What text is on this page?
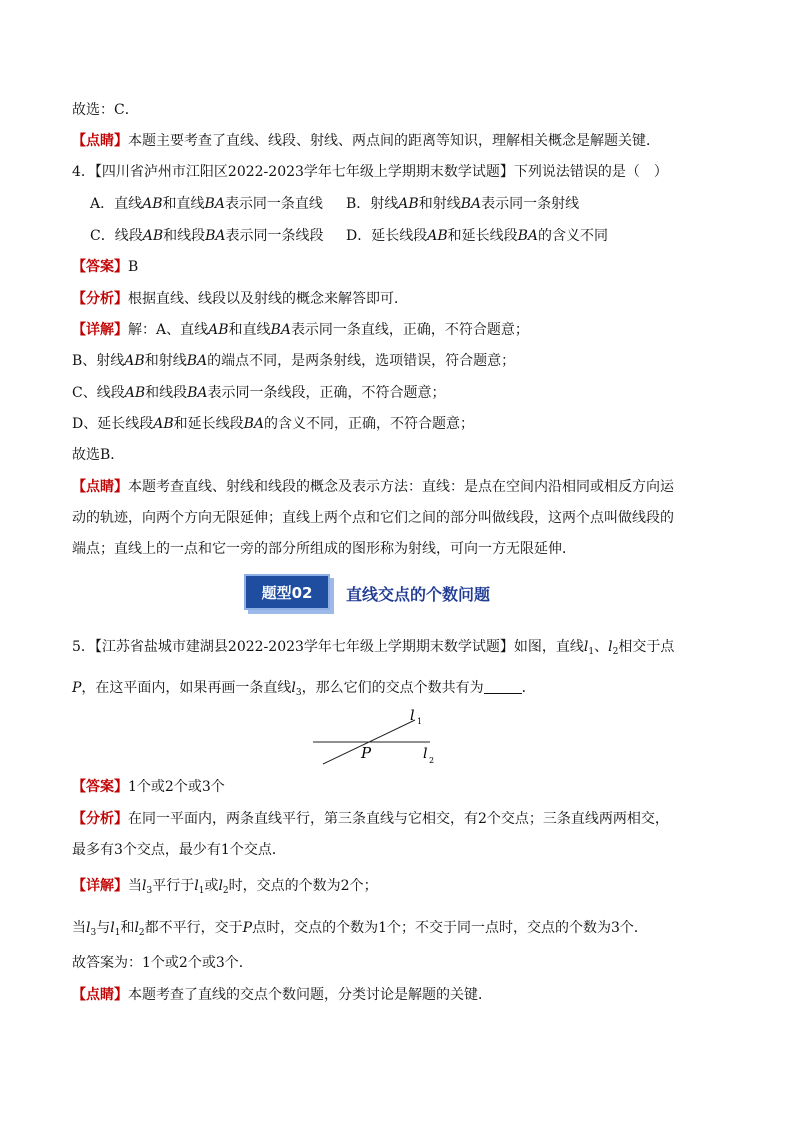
故选：C．
【点睛】本题主要考查了直线、线段、射线、两点间的距离等知识，理解相关概念是解题关键．
4．【四川省泸州市江阳区2022-2023学年七年级上学期期末数学试题】下列说法错误的是（　）
A．直线AB和直线BA表示同一条直线 B．射线AB和射线BA表示同一条射线
C．线段AB和线段BA表示同一条线段 D．延长线段AB和延长线段BA的含义不同
【答案】B
【分析】根据直线、线段以及射线的概念来解答即可．
【详解】解：A、直线AB和直线BA表示同一条直线，正确，不符合题意；
B、射线AB和射线BA的端点不同，是两条射线，选项错误，符合题意；
C、线段AB和线段BA表示同一条线段，正确，不符合题意；
D、延长线段AB和延长线段BA的含义不同，正确，不符合题意；
故选B．
【点睛】本题考查直线、射线和线段的概念及表示方法：直线：是点在空间内沿相同或相反方向运
动的轨迹，向两个方向无限延伸；直线上两个点和它们之间的部分叫做线段，这两个点叫做线段的
端点；直线上的一点和它一旁的部分所组成的图形称为射线，可向一方无限延伸．
题型02	直线交点的个数问题
5．【江苏省盐城市建湖县2022-2023学年七年级上学期期末数学试题】如图，直线$l_1$、$l_2$相交于点
P，在这平面内，如果再画一条直线$l_3$，那么它们的交点个数共有为	．
l 1
l 2
P
【答案】1个或2个或3个
【分析】在同一平面内，两条直线平行，第三条直线与它相交，有2个交点；三条直线两两相交，
最多有3个交点，最少有1个交点．
【详解】当$l_3$平行于$l_1$或$l_2$时，交点的个数为2个；
当$l_3$与$l_1$和$l_2$都不平行，交于P点时，交点的个数为1个；不交于同一点时，交点的个数为3个．
故答案为：1个或2个或3个．
【点睛】本题考查了直线的交点个数问题，分类讨论是解题的关键．
